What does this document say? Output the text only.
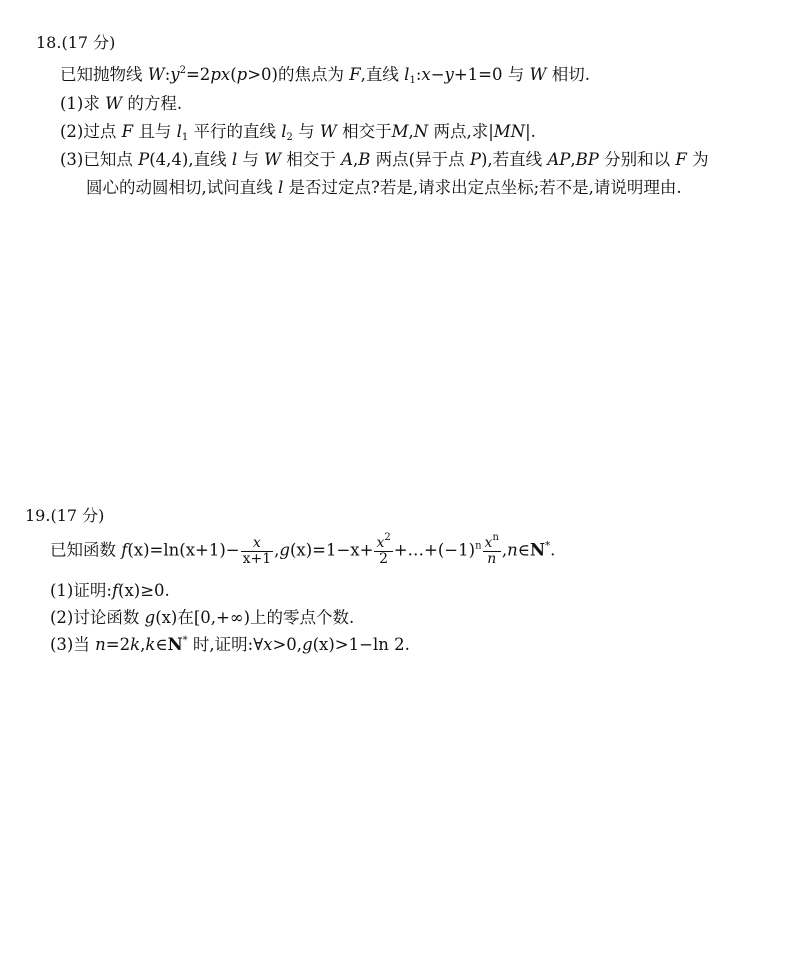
18.(17 分)
已知抛物线 $W:y^2=2px(p>0)$的焦点为 F,直线 $l_1:x-y+1=0$ 与 W 相切.
(1)求 W 的方程.
(2)过点 F 且与 $l_1$ 平行的直线 $l_2$ 与 W 相交于M,N 两点,求|MN|.
(3)已知点 P(4,4),直线 l 与 W 相交于 A,B 两点(异于点 P),若直线 AP,BP 分别和以 F 为
圆心的动圆相切,试问直线 l 是否过定点?若是,请求出定点坐标;若不是,请说明理由.
19.(17 分)
已知函数 $f(x)=\ln(x+1)- \frac{x}{x+1} ,g(x)=1-x+ \frac{x^2}{2}$ $+\dots+(-1)^n \frac{x^n}{n}$ ,n∈N*.
(1)证明:f(x)≥0.
(2)讨论函数 g(x)在[0,+∞)上的零点个数.
(3)当 n=2k,k∈N* 时,证明:∀x>0,g(x)>1−ln 2.
